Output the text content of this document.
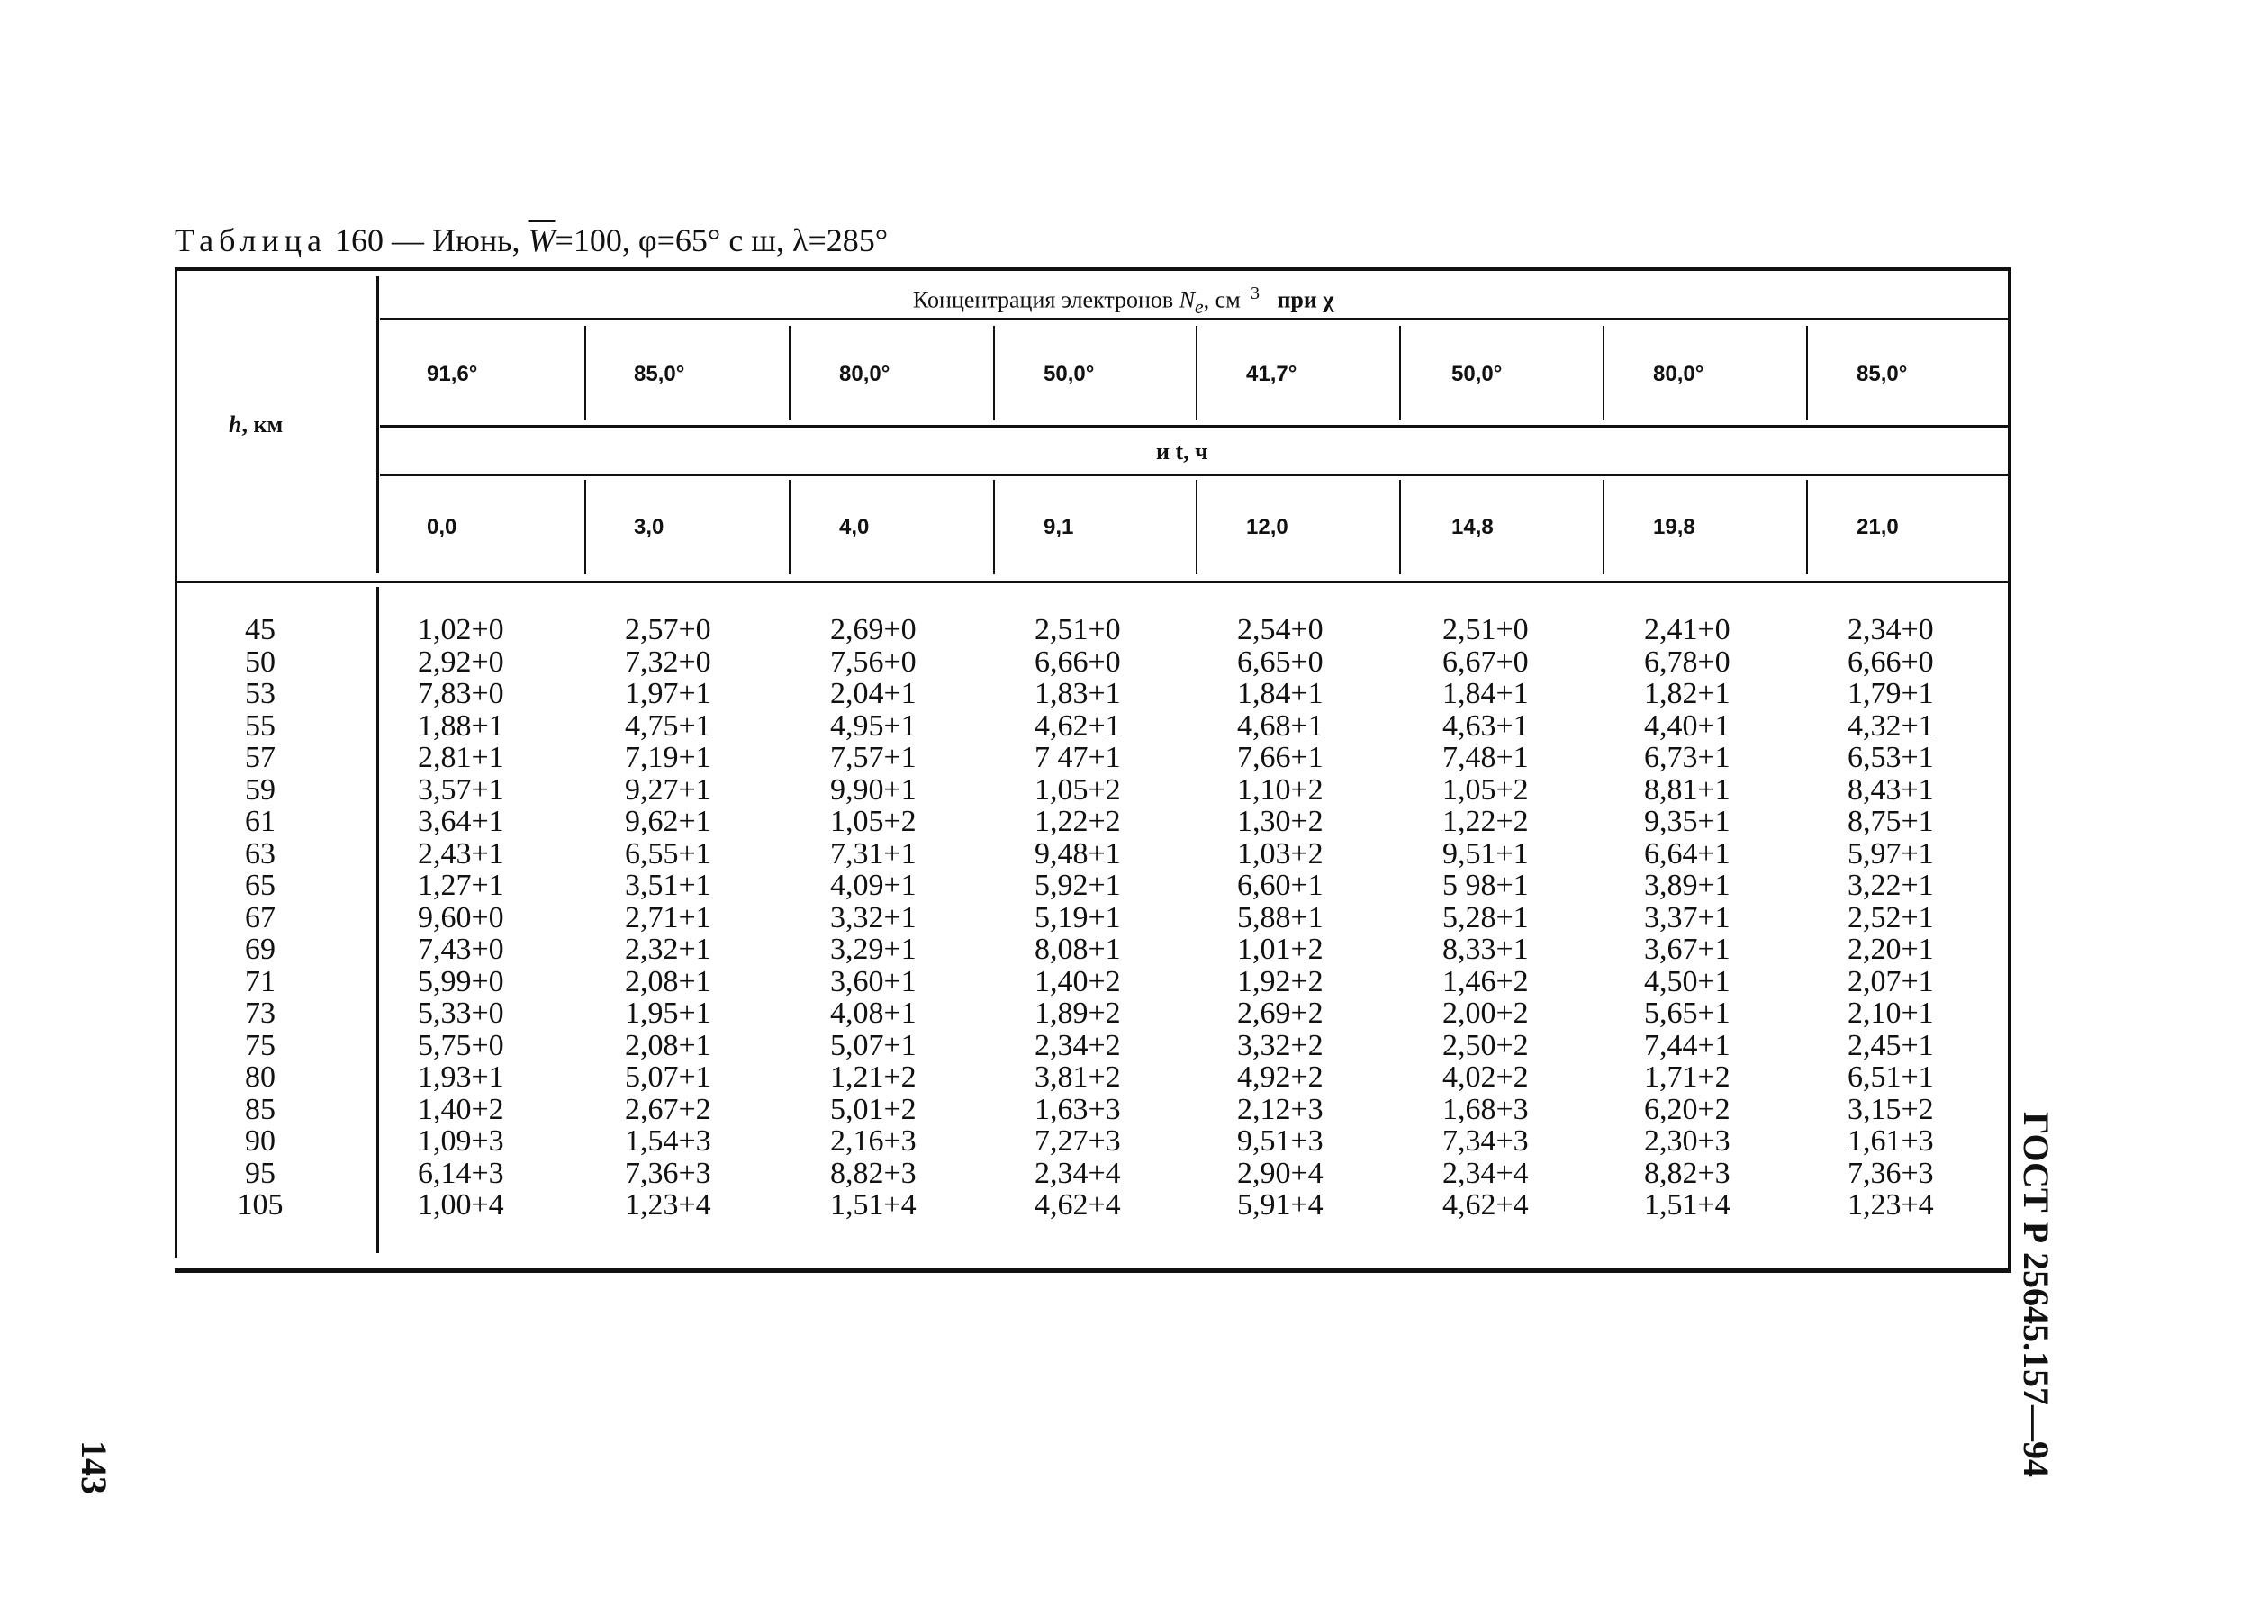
Таблица 160 — Июнь, $\overline{W}=100$, φ=65° с ш, λ=285°
Концентрация электронов $N_e$, $см^{-3}$ при χ
h, км
и t, ч
91,6°	85,0°	80,0°	50,0°	41,7°	50,0°	80,0°	85,0°
0,0	3,0	4,0	9,1	12,0	14,8	19,8	21,0
45	1,02+0	2,57+0	2,69+0	2,51+0	2,54+0	2,51+0	2,41+0	2,34+0
50	2,92+0	7,32+0	7,56+0	6,66+0	6,65+0	6,67+0	6,78+0	6,66+0
53	7,83+0	1,97+1	2,04+1	1,83+1	1,84+1	1,84+1	1,82+1	1,79+1
55	1,88+1	4,75+1	4,95+1	4,62+1	4,68+1	4,63+1	4,40+1	4,32+1
57	2,81+1	7,19+1	7,57+1	7 47+1	7,66+1	7,48+1	6,73+1	6,53+1
59	3,57+1	9,27+1	9,90+1	1,05+2	1,10+2	1,05+2	8,81+1	8,43+1
61	3,64+1	9,62+1	1,05+2	1,22+2	1,30+2	1,22+2	9,35+1	8,75+1
63	2,43+1	6,55+1	7,31+1	9,48+1	1,03+2	9,51+1	6,64+1	5,97+1
65	1,27+1	3,51+1	4,09+1	5,92+1	6,60+1	5 98+1	3,89+1	3,22+1
67	9,60+0	2,71+1	3,32+1	5,19+1	5,88+1	5,28+1	3,37+1	2,52+1
69	7,43+0	2,32+1	3,29+1	8,08+1	1,01+2	8,33+1	3,67+1	2,20+1
71	5,99+0	2,08+1	3,60+1	1,40+2	1,92+2	1,46+2	4,50+1	2,07+1
73	5,33+0	1,95+1	4,08+1	1,89+2	2,69+2	2,00+2	5,65+1	2,10+1
75	5,75+0	2,08+1	5,07+1	2,34+2	3,32+2	2,50+2	7,44+1	2,45+1
80	1,93+1	5,07+1	1,21+2	3,81+2	4,92+2	4,02+2	1,71+2	6,51+1
85	1,40+2	2,67+2	5,01+2	1,63+3	2,12+3	1,68+3	6,20+2	3,15+2
90	1,09+3	1,54+3	2,16+3	7,27+3	9,51+3	7,34+3	2,30+3	1,61+3
95	6,14+3	7,36+3	8,82+3	2,34+4	2,90+4	2,34+4	8,82+3	7,36+3
105	1,00+4	1,23+4	1,51+4	4,62+4	5,91+4	4,62+4	1,51+4	1,23+4 ГОСТ Р 25645.157—94
143
